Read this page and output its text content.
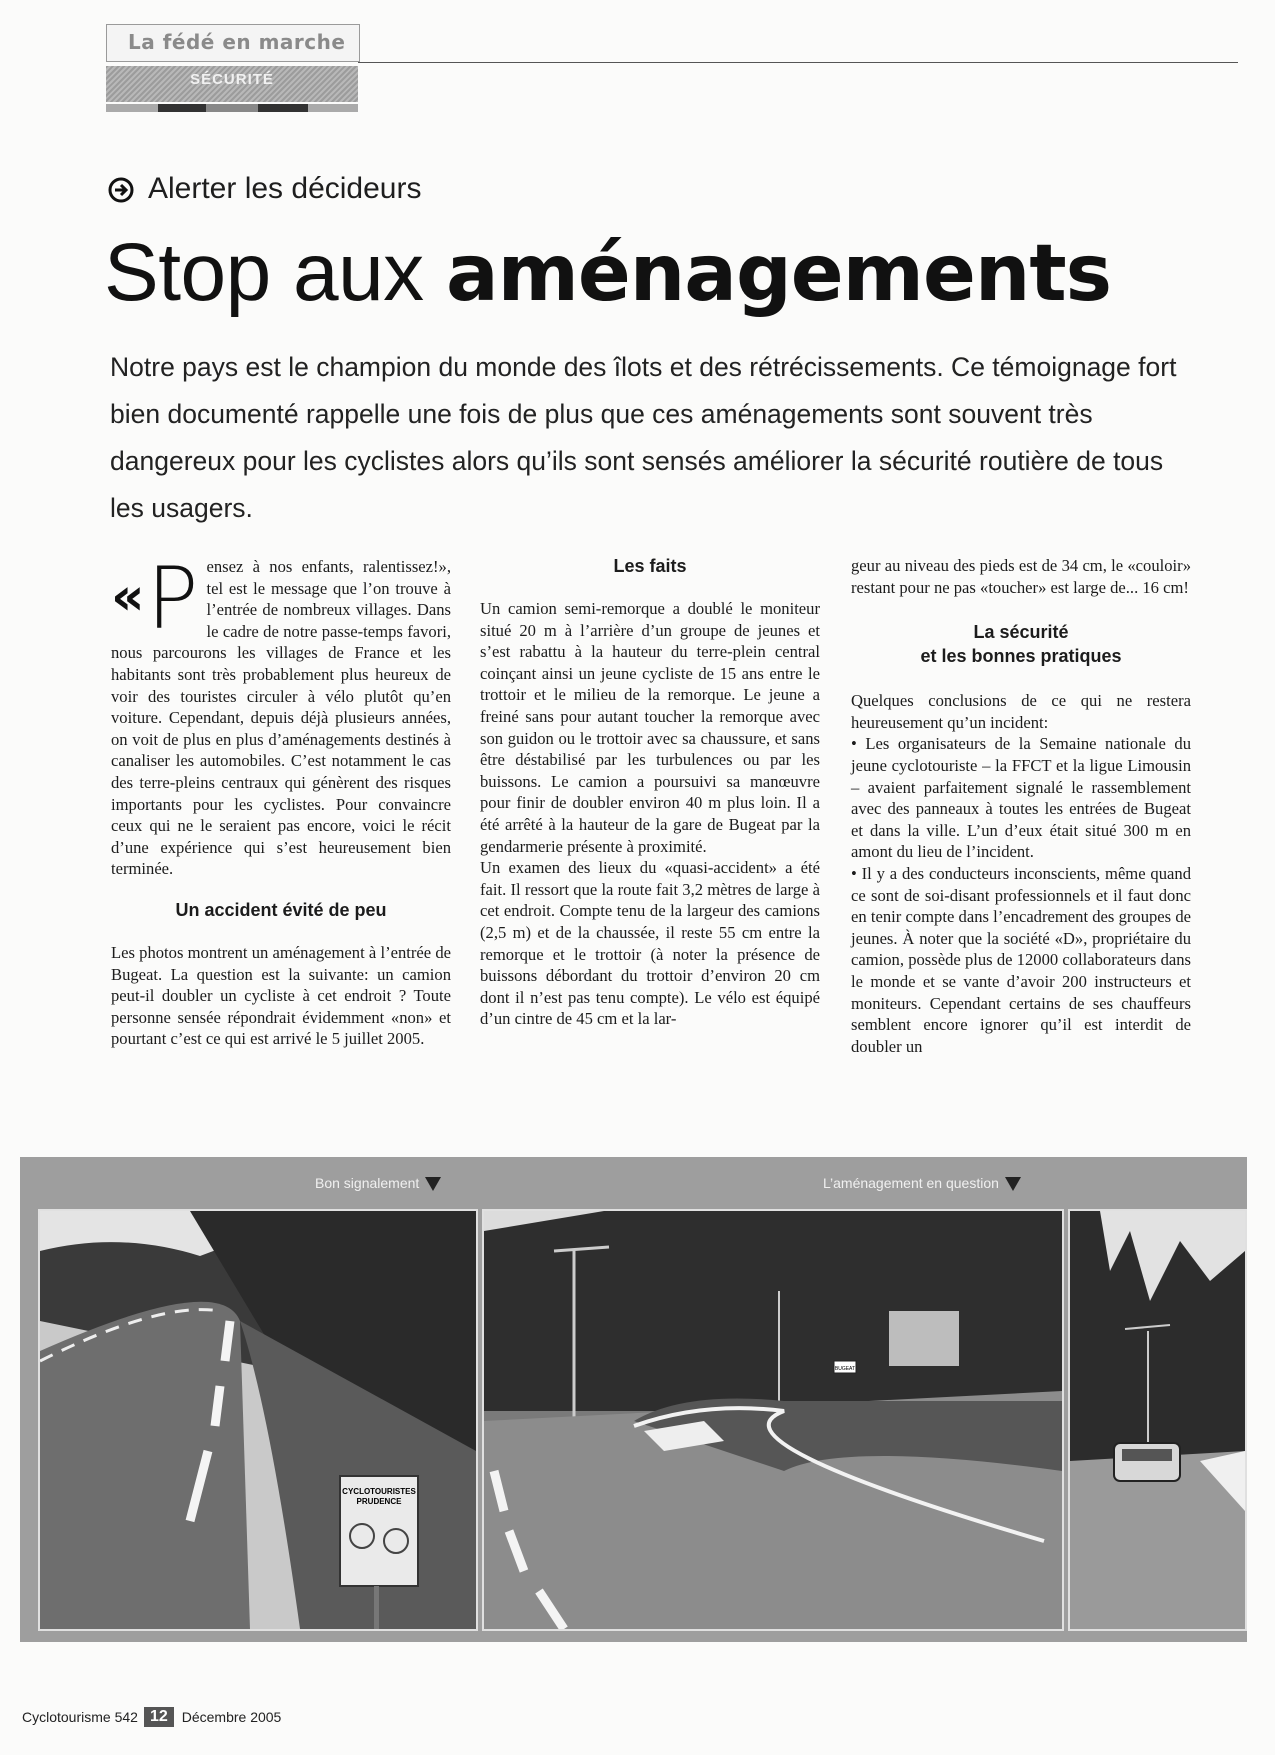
La fédé en marche
SÉCURITÉ
Alerter les décideurs
Stop aux aménagements
Notre pays est le champion du monde des îlots et des rétrécissements. Ce témoignage fort bien documenté rappelle une fois de plus que ces aménagements sont souvent très dangereux pour les cyclistes alors qu’ils sont sensés améliorer la sécurité routière de tous les usagers.
«P ensez à nos enfants, ralentissez!», tel est le message que l’on trouve à l’entrée de nombreux villages. Dans le cadre de notre passe-temps favori, nous parcourons les villages de France et les habitants sont très probablement plus heureux de voir des touristes circuler à vélo plutôt qu’en voiture. Cependant, depuis déjà plusieurs années, on voit de plus en plus d’aménagements destinés à canaliser les automobiles. C’est notamment le cas des terre-pleins centraux qui génèrent des risques importants pour les cyclistes. Pour convaincre ceux qui ne le seraient pas encore, voici le récit d’une expérience qui s’est heureusement bien terminée.

Un accident évité de peu

Les photos montrent un aménagement à l’entrée de Bugeat. La question est la suivante: un camion peut-il doubler un cycliste à cet endroit ? Toute personne sensée répondrait évidemment «non» et pourtant c’est ce qui est arrivé le 5 juillet 2005.

Les faits

Un camion semi-remorque a doublé le moniteur situé 20 m à l’arrière d’un groupe de jeunes et s’est rabattu à la hauteur du terre-plein central coinçant ainsi un jeune cycliste de 15 ans entre le trottoir et le milieu de la remorque. Le jeune a freiné sans pour autant toucher la remorque avec son guidon ou le trottoir avec sa chaussure, et sans être déstabilisé par les turbulences ou par les buissons. Le camion a poursuivi sa manœuvre pour finir de doubler environ 40 m plus loin. Il a été arrêté à la hauteur de la gare de Bugeat par la gendarmerie présente à proximité.

Un examen des lieux du «quasi-accident» a été fait. Il ressort que la route fait 3,2 mètres de large à cet endroit. Compte tenu de la largeur des camions (2,5 m) et de la chaussée, il reste 55 cm entre la remorque et le trottoir (à noter la présence de buissons débordant du trottoir d’environ 20 cm dont il n’est pas tenu compte). Le vélo est équipé d’un cintre de 45 cm et la lar-

geur au niveau des pieds est de 34 cm, le «couloir» restant pour ne pas «toucher» est large de... 16 cm!

La sécurité

et les bonnes pratiques

Quelques conclusions de ce qui ne restera heureusement qu’un incident:

• Les organisateurs de la Semaine nationale du jeune cyclotouriste – la FFCT et la ligue Limousin – avaient parfaitement signalé le rassemblement avec des panneaux à toutes les entrées de Bugeat et dans la ville. L’un d’eux était situé 300 m en amont du lieu de l’incident.

• Il y a des conducteurs inconscients, même quand ce sont de soi-disant professionnels et il faut donc en tenir compte dans l’encadrement des groupes de jeunes. À noter que la société «D», propriétaire du camion, possède plus de 12000 collaborateurs dans le monde et se vante d’avoir 200 instructeurs et moniteurs. Cependant certains de ses chauffeurs semblent encore ignorer qu’il est interdit de doubler un

Bon signalement	L’aménagement en question
CYCLOTOURISTES
PRUDENCE
BUGEAT
Cyclotourisme 542 12	Décembre 2005
